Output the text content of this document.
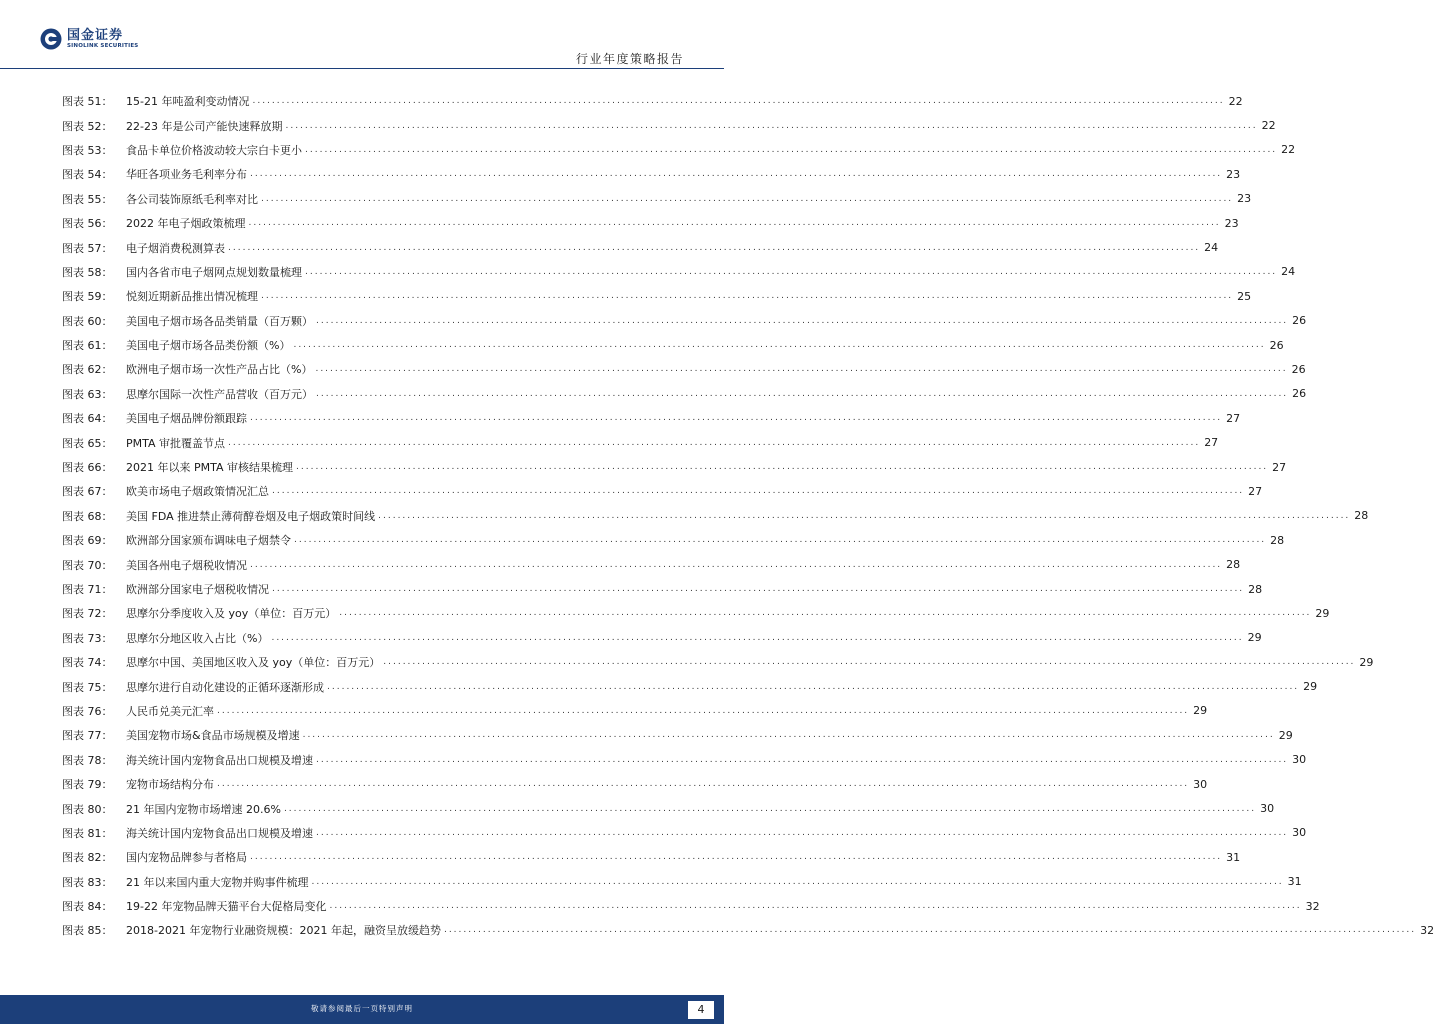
国金证券
SINOLINK SECURITIES
行业年度策略报告
图表 51：	15-21 年吨盈利变动情况 ........................................................................................................................................................................................................ 22
图表 52：	22-23 年是公司产能快速释放期 ........................................................................................................................................................................................................ 22
图表 53：	食品卡单位价格波动较大宗白卡更小 ........................................................................................................................................................................................................ 22
图表 54：	华旺各项业务毛利率分布 ........................................................................................................................................................................................................ 23
图表 55：	各公司装饰原纸毛利率对比 ........................................................................................................................................................................................................ 23
图表 56：	2022 年电子烟政策梳理 ........................................................................................................................................................................................................ 23
图表 57：	电子烟消费税测算表 ........................................................................................................................................................................................................ 24
图表 58：	国内各省市电子烟网点规划数量梳理 ........................................................................................................................................................................................................ 24
图表 59：	悦刻近期新品推出情况梳理 ........................................................................................................................................................................................................ 25
图表 60：	美国电子烟市场各品类销量（百万颗） ........................................................................................................................................................................................................ 26
图表 61：	美国电子烟市场各品类份额（%） ........................................................................................................................................................................................................ 26
图表 62：	欧洲电子烟市场一次性产品占比（%） ........................................................................................................................................................................................................ 26
图表 63：	思摩尔国际一次性产品营收（百万元） ........................................................................................................................................................................................................ 26
图表 64：	美国电子烟品牌份额跟踪 ........................................................................................................................................................................................................ 27
图表 65：	PMTA 审批覆盖节点 ........................................................................................................................................................................................................ 27
图表 66：	2021 年以来 PMTA 审核结果梳理 ........................................................................................................................................................................................................ 27
图表 67：	欧美市场电子烟政策情况汇总 ........................................................................................................................................................................................................ 27
图表 68：	美国 FDA 推进禁止薄荷醇卷烟及电子烟政策时间线 ........................................................................................................................................................................................................ 28
图表 69：	欧洲部分国家颁布调味电子烟禁令 ........................................................................................................................................................................................................ 28
图表 70：	美国各州电子烟税收情况 ........................................................................................................................................................................................................ 28
图表 71：	欧洲部分国家电子烟税收情况 ........................................................................................................................................................................................................ 28
图表 72：	思摩尔分季度收入及 yoy（单位：百万元） ........................................................................................................................................................................................................ 29
图表 73：	思摩尔分地区收入占比（%） ........................................................................................................................................................................................................ 29
图表 74：	思摩尔中国、美国地区收入及 yoy（单位：百万元） ........................................................................................................................................................................................................ 29
图表 75：	思摩尔进行自动化建设的正循环逐渐形成 ........................................................................................................................................................................................................ 29
图表 76：	人民币兑美元汇率 ........................................................................................................................................................................................................ 29
图表 77：	美国宠物市场&食品市场规模及增速 ........................................................................................................................................................................................................ 29
图表 78：	海关统计国内宠物食品出口规模及增速 ........................................................................................................................................................................................................ 30
图表 79：	宠物市场结构分布 ........................................................................................................................................................................................................ 30
图表 80：	21 年国内宠物市场增速 20.6% ........................................................................................................................................................................................................ 30
图表 81：	海关统计国内宠物食品出口规模及增速 ........................................................................................................................................................................................................ 30
图表 82：	国内宠物品牌参与者格局 ........................................................................................................................................................................................................ 31
图表 83：	21 年以来国内重大宠物并购事件梳理 ........................................................................................................................................................................................................ 31
图表 84：	19-22 年宠物品牌天猫平台大促格局变化 ........................................................................................................................................................................................................ 32
图表 85：	2018-2021 年宠物行业融资规模：2021 年起，融资呈放缓趋势 ........................................................................................................................................................................................................ 32
敬请参阅最后一页特别声明	4
